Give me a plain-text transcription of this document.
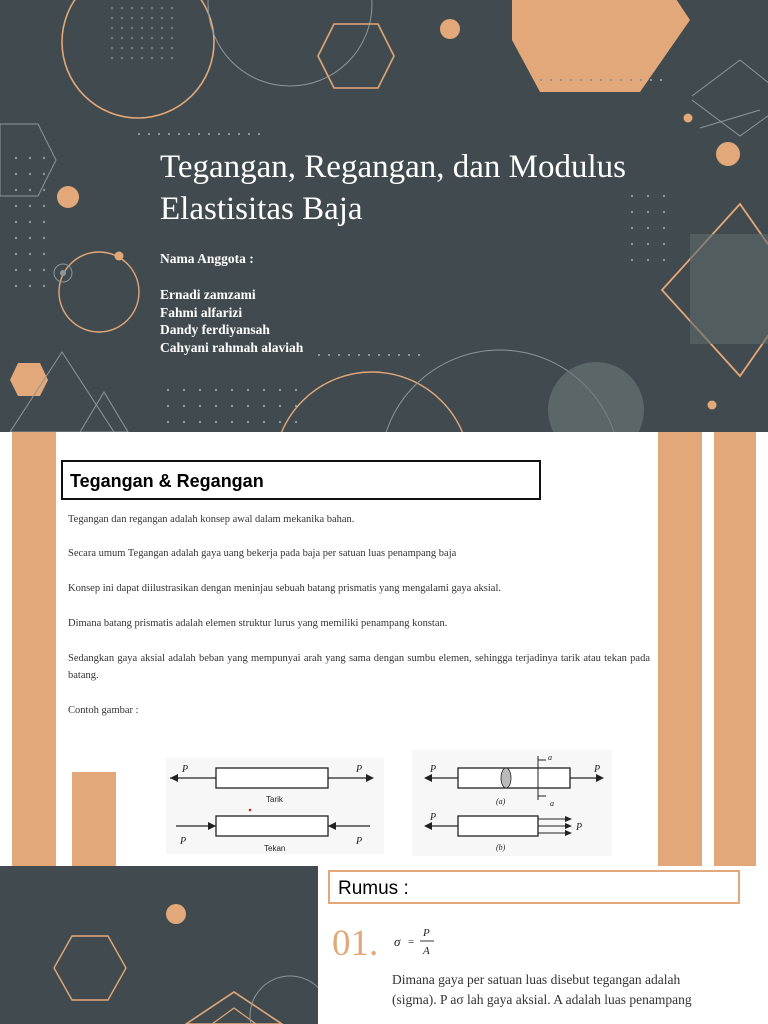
Tegangan, Regangan, dan Modulus Elastisitas Baja
Nama Anggota :
Ernadi zamzami
Fahmi alfarizi
Dandy ferdiyansah
Cahyani rahmah alaviah
Tegangan & Regangan
Tegangan dan regangan adalah konsep awal dalam mekanika bahan.
Secara umum Tegangan adalah gaya uang bekerja pada baja per satuan luas penampang baja
Konsep ini dapat diilustrasikan dengan meninjau sebuah batang prismatis yang mengalami gaya aksial.
Dimana batang prismatis adalah elemen struktur lurus yang memiliki penampang konstan.
Sedangkan gaya aksial adalah beban yang mempunyai arah yang sama dengan sumbu elemen, sehingga terjadinya tarik atau tekan pada batang.
Contoh gambar :
P	P
Tarik
P	P
Tekan
a
a
P	P
(a)
P
P
(b)
Rumus :
01. σ =
P
A
Dimana gaya per satuan luas disebut tegangan adalah (sigma). P aσ lah gaya aksial. A adalah luas penampang
